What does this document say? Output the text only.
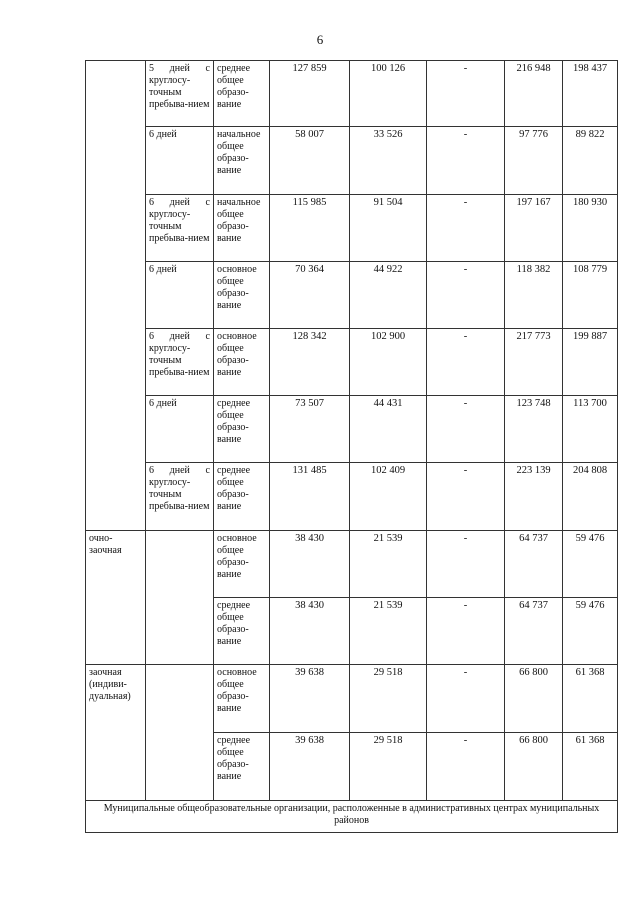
6
	5 дней с круглосу-точным пребыва-нием	среднее общее образо-вание	127 859	100 126	-	216 948	198 437
	6 дней	начальное общее образо-вание	58 007	33 526	-	97 776	89 822
	6 дней с круглосу-точным пребыва-нием	начальное общее образо-вание	115 985	91 504	-	197 167	180 930
	6 дней	основное общее образо-вание	70 364	44 922	-	118 382	108 779
	6 дней с круглосу-точным пребыва-нием	основное общее образо-вание	128 342	102 900	-	217 773	199 887
	6 дней	среднее общее образо-вание	73 507	44 431	-	123 748	113 700
	6 дней с круглосу-точным пребыва-нием	среднее общее образо-вание	131 485	102 409	-	223 139	204 808
очно-заочная		основное общее образо-вание	38 430	21 539	-	64 737	59 476
		среднее общее образо-вание	38 430	21 539	-	64 737	59 476
заочная (индиви-дуальная)		основное общее образо-вание	39 638	29 518	-	66 800	61 368
		среднее общее образо-вание	39 638	29 518	-	66 800	61 368
Муниципальные общеобразовательные организации, расположенные в административных центрах муниципальных районов							
